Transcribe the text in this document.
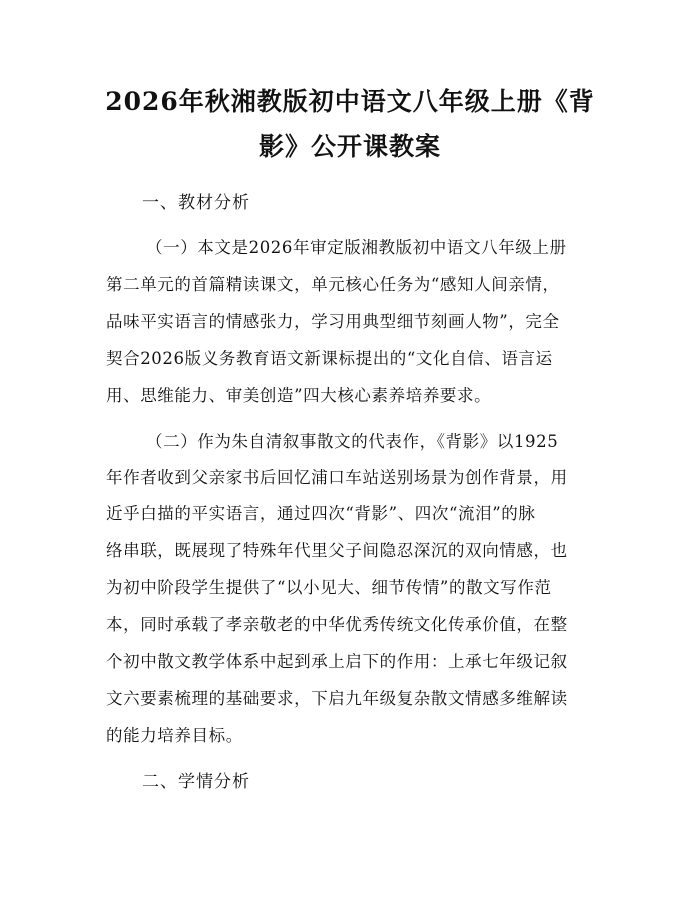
2026年秋湘教版初中语文八年级上册《背
影》公开课教案
一、教材分析
（一）本文是2026年审定版湘教版初中语文八年级上册
第二单元的首篇精读课文，单元核心任务为“感知人间亲情，
品味平实语言的情感张力，学习用典型细节刻画人物”，完全
契合2026版义务教育语文新课标提出的“文化自信、语言运
用、思维能力、审美创造”四大核心素养培养要求。
（二）作为朱自清叙事散文的代表作，《背影》以1925
年作者收到父亲家书后回忆浦口车站送别场景为创作背景，用
近乎白描的平实语言，通过四次“背影”、四次“流泪”的脉
络串联，既展现了特殊年代里父子间隐忍深沉的双向情感，也
为初中阶段学生提供了“以小见大、细节传情”的散文写作范
本，同时承载了孝亲敬老的中华优秀传统文化传承价值，在整
个初中散文教学体系中起到承上启下的作用：上承七年级记叙
文六要素梳理的基础要求，下启九年级复杂散文情感多维解读
的能力培养目标。
二、学情分析
